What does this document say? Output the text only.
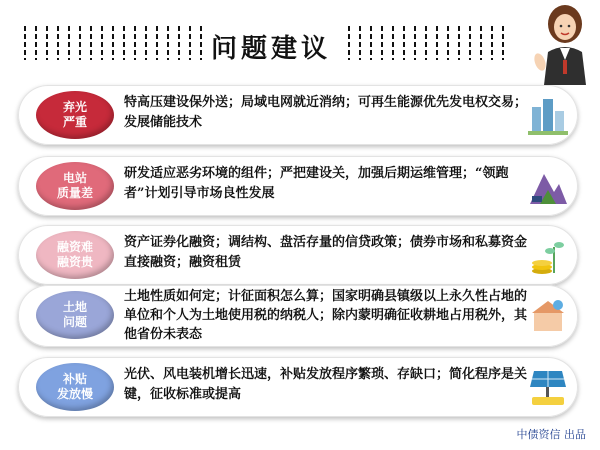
问题建议
弃光
严重
特高压建设保外送；局域电网就近消纳；可再生能源优先发电权交易；发展储能技术
电站
质量差
研发适应恶劣环境的组件；严把建设关，加强后期运维管理；“领跑者”计划引导市场良性发展
融资难
融资贵
资产证券化融资；调结构、盘活存量的信贷政策；债券市场和私募资金直接融资；融资租赁
土地
问题
土地性质如何定；计征面积怎么算；国家明确县镇级以上永久性占地的单位和个人为土地使用税的纳税人；除内蒙明确征收耕地占用税外，其他省份未表态
补贴
发放慢
光伏、风电装机增长迅速，补贴发放程序繁琐、存缺口；简化程序是关键，征收标准或提高
中债资信 出品
